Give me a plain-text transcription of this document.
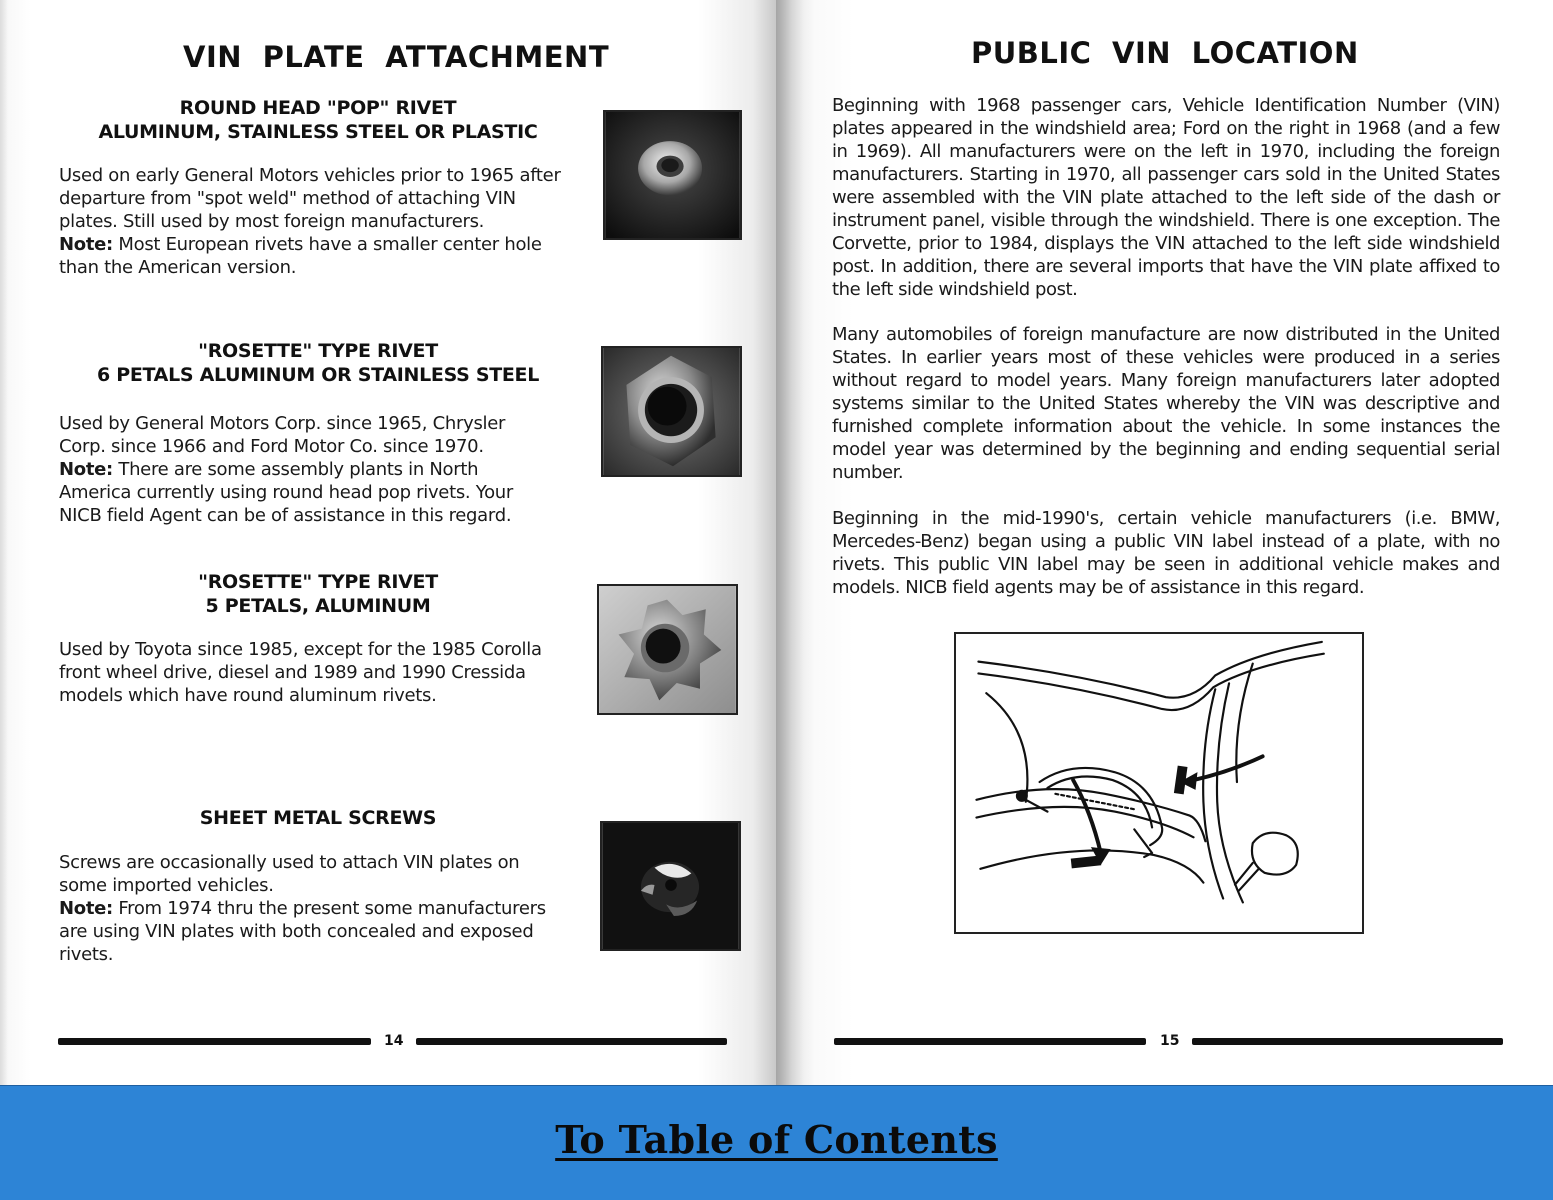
VIN PLATE ATTACHMENT
ROUND HEAD "POP" RIVET
ALUMINUM, STAINLESS STEEL OR PLASTIC
Used on early General Motors vehicles prior to 1965 after departure from "spot weld" method of attaching VIN plates. Still used by most foreign manufacturers.
Note: Most European rivets have a smaller center hole than the American version.
"ROSETTE" TYPE RIVET
6 PETALS ALUMINUM OR STAINLESS STEEL
Used by General Motors Corp. since 1965, Chrysler Corp. since 1966 and Ford Motor Co. since 1970.
Note: There are some assembly plants in North America currently using round head pop rivets. Your NICB field Agent can be of assistance in this regard.
"ROSETTE" TYPE RIVET
5 PETALS, ALUMINUM
Used by Toyota since 1985, except for the 1985 Corolla front wheel drive, diesel and 1989 and 1990 Cressida models which have round aluminum rivets.
SHEET METAL SCREWS
Screws are occasionally used to attach VIN plates on some imported vehicles.
Note: From 1974 thru the present some manufacturers are using VIN plates with both concealed and exposed rivets.
14
PUBLIC VIN LOCATION
Beginning with 1968 passenger cars, Vehicle Identification Number (VIN) plates appeared in the windshield area; Ford on the right in 1968 (and a few in 1969). All manufacturers were on the left in 1970, including the foreign manufacturers. Starting in 1970, all passenger cars sold in the United States were assembled with the VIN plate attached to the left side of the dash or instrument panel, visible through the windshield. There is one exception. The Corvette, prior to 1984, displays the VIN attached to the left side windshield post. In addition, there are several imports that have the VIN plate affixed to the left side windshield post.
Many automobiles of foreign manufacture are now distributed in the United States. In earlier years most of these vehicles were produced in a series without regard to model years. Many foreign manufacturers later adopted systems similar to the United States whereby the VIN was descriptive and furnished complete information about the vehicle. In some instances the model year was determined by the beginning and ending sequential serial number.
Beginning in the mid-1990's, certain vehicle manufacturers (i.e. BMW, Mercedes-Benz) began using a public VIN label instead of a plate, with no rivets. This public VIN label may be seen in additional vehicle makes and models. NICB field agents may be of assistance in this regard.
15
To Table of Contents
